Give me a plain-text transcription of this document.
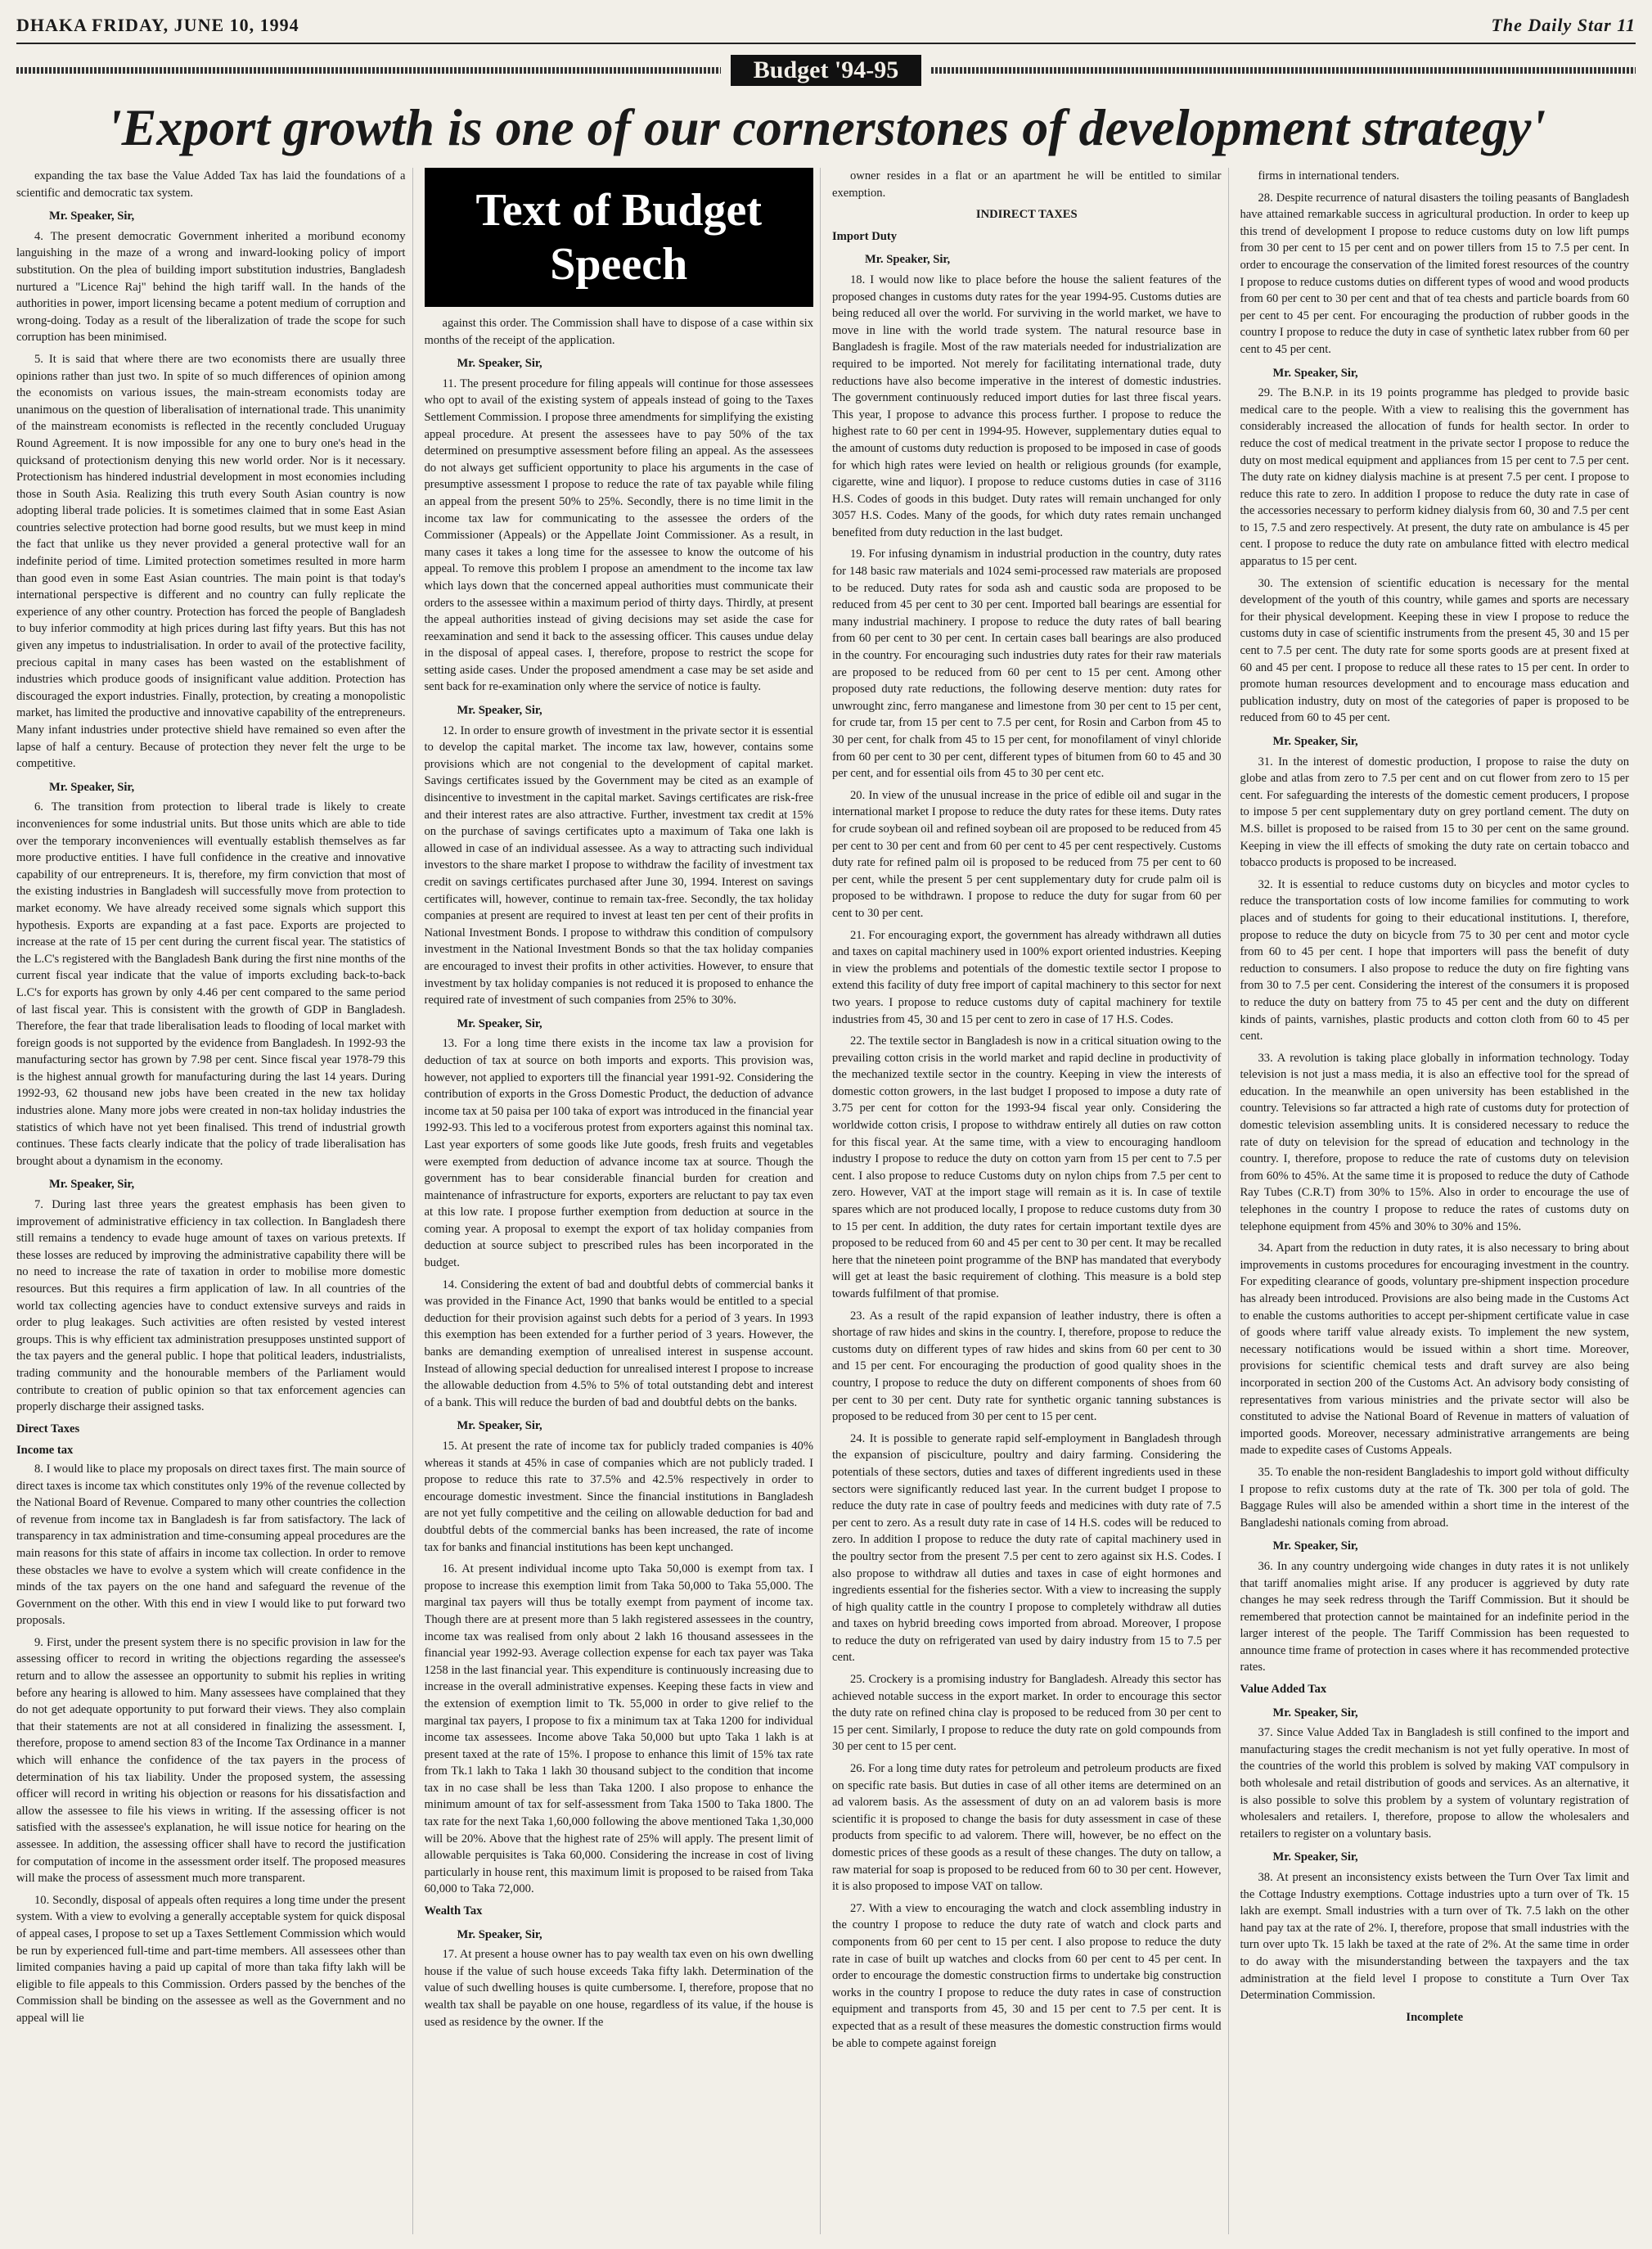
DHAKA FRIDAY, JUNE 10, 1994	The Daily Star 11
Budget '94-95
'Export growth is one of our cornerstones of development strategy'

expanding the tax base the Value Added Tax has laid the foundations of a scientific and democratic tax system.

Mr. Speaker, Sir,

4. The present democratic Government inherited a moribund economy languishing in the maze of a wrong and inward-looking policy of import substitution. On the plea of building import substitution industries, Bangladesh nurtured a "Licence Raj" behind the high tariff wall. In the hands of the authorities in power, import licensing became a potent medium of corruption and wrong-doing. Today as a result of the liberalization of trade the scope for such corruption has been minimised.

5. It is said that where there are two economists there are usually three opinions rather than just two. In spite of so much differences of opinion among the economists on various issues, the main-stream economists today are unanimous on the question of liberalisation of international trade. This unanimity of the mainstream economists is reflected in the recently concluded Uruguay Round Agreement. It is now impossible for any one to bury one's head in the quicksand of protectionism denying this new world order. Nor is it necessary. Protectionism has hindered industrial development in most economies including those in South Asia. Realizing this truth every South Asian country is now adopting liberal trade policies. It is sometimes claimed that in some East Asian countries selective protection had borne good results, but we must keep in mind the fact that unlike us they never provided a general protective wall for an indefinite period of time. Limited protection sometimes resulted in more harm than good even in some East Asian countries. The main point is that today's international perspective is different and no country can fully replicate the experience of any other country. Protection has forced the people of Bangladesh to buy inferior commodity at high prices during last fifty years. But this has not given any impetus to industrialisation. In order to avail of the protective facility, precious capital in many cases has been wasted on the establishment of industries which produce goods of insignificant value addition. Protection has discouraged the export industries. Finally, protection, by creating a monopolistic market, has limited the productive and innovative capability of the entrepreneurs. Many infant industries under protective shield have remained so even after the lapse of half a century. Because of protection they never felt the urge to be competitive.

Mr. Speaker, Sir,

6. The transition from protection to liberal trade is likely to create inconveniences for some industrial units. But those units which are able to tide over the temporary inconveniences will eventually establish themselves as far more productive entities. I have full confidence in the creative and innovative capability of our entrepreneurs. It is, therefore, my firm conviction that most of the existing industries in Bangladesh will successfully move from protection to market economy. We have already received some signals which support this hypothesis. Exports are expanding at a fast pace. Exports are projected to increase at the rate of 15 per cent during the current fiscal year. The statistics of the L.C's registered with the Bangladesh Bank during the first nine months of the current fiscal year indicate that the value of imports excluding back-to-back L.C's for exports has grown by only 4.46 per cent compared to the same period of last fiscal year. This is consistent with the growth of GDP in Bangladesh. Therefore, the fear that trade liberalisation leads to flooding of local market with foreign goods is not supported by the evidence from Bangladesh. In 1992-93 the manufacturing sector has grown by 7.98 per cent. Since fiscal year 1978-79 this is the highest annual growth for manufacturing during the last 14 years. During 1992-93, 62 thousand new jobs have been created in the new tax holiday industries alone. Many more jobs were created in non-tax holiday industries the statistics of which have not yet been finalised. This trend of industrial growth continues. These facts clearly indicate that the policy of trade liberalisation has brought about a dynamism in the economy.

Mr. Speaker, Sir,

7. During last three years the greatest emphasis has been given to improvement of administrative efficiency in tax collection. In Bangladesh there still remains a tendency to evade huge amount of taxes on various pretexts. If these losses are reduced by improving the administrative capability there will be no need to increase the rate of taxation in order to mobilise more domestic resources. But this requires a firm application of law. In all countries of the world tax collecting agencies have to conduct extensive surveys and raids in order to plug leakages. Such activities are often resisted by vested interest groups. This is why efficient tax administration presupposes unstinted support of the tax payers and the general public. I hope that political leaders, industrialists, trading community and the honourable members of the Parliament would contribute to creation of public opinion so that tax enforcement agencies can properly discharge their assigned tasks.

Direct Taxes
Income tax

8. I would like to place my proposals on direct taxes first. The main source of direct taxes is income tax which constitutes only 19% of the revenue collected by the National Board of Revenue. Compared to many other countries the collection of revenue from income tax in Bangladesh is far from satisfactory. The lack of transparency in tax administration and time-consuming appeal procedures are the main reasons for this state of affairs in income tax collection. In order to remove these obstacles we have to evolve a system which will create confidence in the minds of the tax payers on the one hand and safeguard the revenue of the Government on the other. With this end in view I would like to put forward two proposals.

9. First, under the present system there is no specific provision in law for the assessing officer to record in writing the objections regarding the assessee's return and to allow the assessee an opportunity to submit his replies in writing before any hearing is allowed to him. Many assessees have complained that they do not get adequate opportunity to put forward their views. They also complain that their statements are not at all considered in finalizing the assessment. I, therefore, propose to amend section 83 of the Income Tax Ordinance in a manner which will enhance the confidence of the tax payers in the process of determination of his tax liability. Under the proposed system, the assessing officer will record in writing his objection or reasons for his dissatisfaction and allow the assessee to file his views in writing. If the assessing officer is not satisfied with the assessee's explanation, he will issue notice for hearing on the assessee. In addition, the assessing officer shall have to record the justification for computation of income in the assessment order itself. The proposed measures will make the process of assessment much more transparent.

10. Secondly, disposal of appeals often requires a long time under the present system. With a view to evolving a generally acceptable system for quick disposal of appeal cases, I propose to set up a Taxes Settlement Commission which would be run by experienced full-time and part-time members. All assessees other than limited companies having a paid up capital of more than taka fifty lakh will be eligible to file appeals to this Commission. Orders passed by the benches of the Commission shall be binding on the assessee as well as the Government and no appeal will lie

Text of Budget Speech

against this order. The Commission shall have to dispose of a case within six months of the receipt of the application.

Mr. Speaker, Sir,

11. The present procedure for filing appeals will continue for those assessees who opt to avail of the existing system of appeals instead of going to the Taxes Settlement Commission. I propose three amendments for simplifying the existing appeal procedure. At present the assessees have to pay 50% of the tax determined on presumptive assessment before filing an appeal. As the assessees do not always get sufficient opportunity to place his arguments in the case of presumptive assessment I propose to reduce the rate of tax payable while filing an appeal from the present 50% to 25%. Secondly, there is no time limit in the income tax law for communicating to the assessee the orders of the Commissioner (Appeals) or the Appellate Joint Commissioner. As a result, in many cases it takes a long time for the assessee to know the outcome of his appeal. To remove this problem I propose an amendment to the income tax law which lays down that the concerned appeal authorities must communicate their orders to the assessee within a maximum period of thirty days. Thirdly, at present the appeal authorities instead of giving decisions may set aside the case for reexamination and send it back to the assessing officer. This causes undue delay in the disposal of appeal cases. I, therefore, propose to restrict the scope for setting aside cases. Under the proposed amendment a case may be set aside and sent back for re-examination only where the service of notice is faulty.

Mr. Speaker, Sir,

12. In order to ensure growth of investment in the private sector it is essential to develop the capital market. The income tax law, however, contains some provisions which are not congenial to the development of capital market. Savings certificates issued by the Government may be cited as an example of disincentive to investment in the capital market. Savings certificates are risk-free and their interest rates are also attractive. Further, investment tax credit at 15% on the purchase of savings certificates upto a maximum of Taka one lakh is allowed in case of an individual assessee. As a way to attracting such individual investors to the share market I propose to withdraw the facility of investment tax credit on savings certificates purchased after June 30, 1994. Interest on savings certificates will, however, continue to remain tax-free. Secondly, the tax holiday companies at present are required to invest at least ten per cent of their profits in National Investment Bonds. I propose to withdraw this condition of compulsory investment in the National Investment Bonds so that the tax holiday companies are encouraged to invest their profits in other activities. However, to ensure that investment by tax holiday companies is not reduced it is proposed to enhance the required rate of investment of such companies from 25% to 30%.

Mr. Speaker, Sir,

13. For a long time there exists in the income tax law a provision for deduction of tax at source on both imports and exports. This provision was, however, not applied to exporters till the financial year 1991-92. Considering the contribution of exports in the Gross Domestic Product, the deduction of advance income tax at 50 paisa per 100 taka of export was introduced in the financial year 1992-93. This led to a vociferous protest from exporters against this nominal tax. Last year exporters of some goods like Jute goods, fresh fruits and vegetables were exempted from deduction of advance income tax at source. Though the government has to bear considerable financial burden for creation and maintenance of infrastructure for exports, exporters are reluctant to pay tax even at this low rate. I propose further exemption from deduction at source in the coming year. A proposal to exempt the export of tax holiday companies from deduction at source subject to prescribed rules has been incorporated in the budget.

14. Considering the extent of bad and doubtful debts of commercial banks it was provided in the Finance Act, 1990 that banks would be entitled to a special deduction for their provision against such debts for a period of 3 years. In 1993 this exemption has been extended for a further period of 3 years. However, the banks are demanding exemption of unrealised interest in suspense account. Instead of allowing special deduction for unrealised interest I propose to increase the allowable deduction from 4.5% to 5% of total outstanding debt and interest of a bank. This will reduce the burden of bad and doubtful debts on the banks.

Mr. Speaker, Sir,

15. At present the rate of income tax for publicly traded companies is 40% whereas it stands at 45% in case of companies which are not publicly traded. I propose to reduce this rate to 37.5% and 42.5% respectively in order to encourage domestic investment. Since the financial institutions in Bangladesh are not yet fully competitive and the ceiling on allowable deduction for bad and doubtful debts of the commercial banks has been increased, the rate of income tax for banks and financial institutions has been kept unchanged.

16. At present individual income upto Taka 50,000 is exempt from tax. I propose to increase this exemption limit from Taka 50,000 to Taka 55,000. The marginal tax payers will thus be totally exempt from payment of income tax. Though there are at present more than 5 lakh registered assessees in the country, income tax was realised from only about 2 lakh 16 thousand assessees in the financial year 1992-93. Average collection expense for each tax payer was Taka 1258 in the last financial year. This expenditure is continuously increasing due to increase in the overall administrative expenses. Keeping these facts in view and the extension of exemption limit to Tk. 55,000 in order to give relief to the marginal tax payers, I propose to fix a minimum tax at Taka 1200 for individual income tax assessees. Income above Taka 50,000 but upto Taka 1 lakh is at present taxed at the rate of 15%. I propose to enhance this limit of 15% tax rate from Tk.1 lakh to Taka 1 lakh 30 thousand subject to the condition that income tax in no case shall be less than Taka 1200. I also propose to enhance the minimum amount of tax for self-assessment from Taka 1500 to Taka 1800. The tax rate for the next Taka 1,60,000 following the above mentioned Taka 1,30,000 will be 20%. Above that the highest rate of 25% will apply. The present limit of allowable perquisites is Taka 60,000. Considering the increase in cost of living particularly in house rent, this maximum limit is proposed to be raised from Taka 60,000 to Taka 72,000.

Wealth Tax
Mr. Speaker, Sir,

17. At present a house owner has to pay wealth tax even on his own dwelling house if the value of such house exceeds Taka fifty lakh. Determination of the value of such dwelling houses is quite cumbersome. I, therefore, propose that no wealth tax shall be payable on one house, regardless of its value, if the house is used as residence by the owner. If the

owner resides in a flat or an apartment he will be entitled to similar exemption.

INDIRECT TAXES
Import Duty
Mr. Speaker, Sir,

18. I would now like to place before the house the salient features of the proposed changes in customs duty rates for the year 1994-95. Customs duties are being reduced all over the world. For surviving in the world market, we have to move in line with the world trade system. The natural resource base in Bangladesh is fragile. Most of the raw materials needed for industrialization are required to be imported. Not merely for facilitating international trade, duty reductions have also become imperative in the interest of domestic industries. The government continuously reduced import duties for last three fiscal years. This year, I propose to advance this process further. I propose to reduce the highest rate to 60 per cent in 1994-95. However, supplementary duties equal to the amount of customs duty reduction is proposed to be imposed in case of goods for which high rates were levied on health or religious grounds (for example, cigarette, wine and liquor). I propose to reduce customs duties in case of 3116 H.S. Codes of goods in this budget. Duty rates will remain unchanged for only 3057 H.S. Codes. Many of the goods, for which duty rates remain unchanged benefited from duty reduction in the last budget.

19. For infusing dynamism in industrial production in the country, duty rates for 148 basic raw materials and 1024 semi-processed raw materials are proposed to be reduced. Duty rates for soda ash and caustic soda are proposed to be reduced from 45 per cent to 30 per cent. Imported ball bearings are essential for many industrial machinery. I propose to reduce the duty rates of ball bearing from 60 per cent to 30 per cent. In certain cases ball bearings are also produced in the country. For encouraging such industries duty rates for their raw materials are proposed to be reduced from 60 per cent to 15 per cent. Among other proposed duty rate reductions, the following deserve mention: duty rates for unwrought zinc, ferro manganese and limestone from 30 per cent to 15 per cent, for crude tar, from 15 per cent to 7.5 per cent, for Rosin and Carbon from 45 to 30 per cent, for chalk from 45 to 15 per cent, for monofilament of vinyl chloride from 60 per cent to 30 per cent, different types of bitumen from 60 to 45 and 30 per cent, and for essential oils from 45 to 30 per cent etc.

20. In view of the unusual increase in the price of edible oil and sugar in the international market I propose to reduce the duty rates for these items. Duty rates for crude soybean oil and refined soybean oil are proposed to be reduced from 45 per cent to 30 per cent and from 60 per cent to 45 per cent respectively. Customs duty rate for refined palm oil is proposed to be reduced from 75 per cent to 60 per cent, while the present 5 per cent supplementary duty for crude palm oil is proposed to be withdrawn. I propose to reduce the duty for sugar from 60 per cent to 30 per cent.

21. For encouraging export, the government has already withdrawn all duties and taxes on capital machinery used in 100% export oriented industries. Keeping in view the problems and potentials of the domestic textile sector I propose to extend this facility of duty free import of capital machinery to this sector for next two years. I propose to reduce customs duty of capital machinery for textile industries from 45, 30 and 15 per cent to zero in case of 17 H.S. Codes.

22. The textile sector in Bangladesh is now in a critical situation owing to the prevailing cotton crisis in the world market and rapid decline in productivity of the mechanized textile sector in the country. Keeping in view the interests of domestic cotton growers, in the last budget I proposed to impose a duty rate of 3.75 per cent for cotton for the 1993-94 fiscal year only. Considering the worldwide cotton crisis, I propose to withdraw entirely all duties on raw cotton for this fiscal year. At the same time, with a view to encouraging handloom industry I propose to reduce the duty on cotton yarn from 15 per cent to 7.5 per cent. I also propose to reduce Customs duty on nylon chips from 7.5 per cent to zero. However, VAT at the import stage will remain as it is. In case of textile spares which are not produced locally, I propose to reduce customs duty from 30 to 15 per cent. In addition, the duty rates for certain important textile dyes are proposed to be reduced from 60 and 45 per cent to 30 per cent. It may be recalled here that the nineteen point programme of the BNP has mandated that everybody will get at least the basic requirement of clothing. This measure is a bold step towards fulfilment of that promise.

23. As a result of the rapid expansion of leather industry, there is often a shortage of raw hides and skins in the country. I, therefore, propose to reduce the customs duty on different types of raw hides and skins from 60 per cent to 30 and 15 per cent. For encouraging the production of good quality shoes in the country, I propose to reduce the duty on different components of shoes from 60 per cent to 30 per cent. Duty rate for synthetic organic tanning substances is proposed to be reduced from 30 per cent to 15 per cent.

24. It is possible to generate rapid self-employment in Bangladesh through the expansion of pisciculture, poultry and dairy farming. Considering the potentials of these sectors, duties and taxes of different ingredients used in these sectors were significantly reduced last year. In the current budget I propose to reduce the duty rate in case of poultry feeds and medicines with duty rate of 7.5 per cent to zero. As a result duty rate in case of 14 H.S. codes will be reduced to zero. In addition I propose to reduce the duty rate of capital machinery used in the poultry sector from the present 7.5 per cent to zero against six H.S. Codes. I also propose to withdraw all duties and taxes in case of eight hormones and ingredients essential for the fisheries sector. With a view to increasing the supply of high quality cattle in the country I propose to completely withdraw all duties and taxes on hybrid breeding cows imported from abroad. Moreover, I propose to reduce the duty on refrigerated van used by dairy industry from 15 to 7.5 per cent.

25. Crockery is a promising industry for Bangladesh. Already this sector has achieved notable success in the export market. In order to encourage this sector the duty rate on refined china clay is proposed to be reduced from 30 per cent to 15 per cent. Similarly, I propose to reduce the duty rate on gold compounds from 30 per cent to 15 per cent.

26. For a long time duty rates for petroleum and petroleum products are fixed on specific rate basis. But duties in case of all other items are determined on an ad valorem basis. As the assessment of duty on an ad valorem basis is more scientific it is proposed to change the basis for duty assessment in case of these products from specific to ad valorem. There will, however, be no effect on the domestic prices of these goods as a result of these changes. The duty on tallow, a raw material for soap is proposed to be reduced from 60 to 30 per cent. However, it is also proposed to impose VAT on tallow.

27. With a view to encouraging the watch and clock assembling industry in the country I propose to reduce the duty rate of watch and clock parts and components from 60 per cent to 15 per cent. I also propose to reduce the duty rate in case of built up watches and clocks from 60 per cent to 45 per cent. In order to encourage the domestic construction firms to undertake big construction works in the country I propose to reduce the duty rates in case of construction equipment and transports from 45, 30 and 15 per cent to 7.5 per cent. It is expected that as a result of these measures the domestic construction firms would be able to compete against foreign

firms in international tenders.

28. Despite recurrence of natural disasters the toiling peasants of Bangladesh have attained remarkable success in agricultural production. In order to keep up this trend of development I propose to reduce customs duty on low lift pumps from 30 per cent to 15 per cent and on power tillers from 15 to 7.5 per cent. In order to encourage the conservation of the limited forest resources of the country I propose to reduce customs duties on different types of wood and wood products from 60 per cent to 30 per cent and that of tea chests and particle boards from 60 per cent to 45 per cent. For encouraging the production of rubber goods in the country I propose to reduce the duty in case of synthetic latex rubber from 60 per cent to 45 per cent.

Mr. Speaker, Sir,

29. The B.N.P. in its 19 points programme has pledged to provide basic medical care to the people. With a view to realising this the government has considerably increased the allocation of funds for health sector. In order to reduce the cost of medical treatment in the private sector I propose to reduce the duty on most medical equipment and appliances from 15 per cent to 7.5 per cent. The duty rate on kidney dialysis machine is at present 7.5 per cent. I propose to reduce this rate to zero. In addition I propose to reduce the duty rate in case of the accessories necessary to perform kidney dialysis from 60, 30 and 7.5 per cent to 15, 7.5 and zero respectively. At present, the duty rate on ambulance is 45 per cent. I propose to reduce the duty rate on ambulance fitted with electro medical apparatus to 15 per cent.

30. The extension of scientific education is necessary for the mental development of the youth of this country, while games and sports are necessary for their physical development. Keeping these in view I propose to reduce the customs duty in case of scientific instruments from the present 45, 30 and 15 per cent to 7.5 per cent. The duty rate for some sports goods are at present fixed at 60 and 45 per cent. I propose to reduce all these rates to 15 per cent. In order to promote human resources development and to encourage mass education and publication industry, duty on most of the categories of paper is proposed to be reduced from 60 to 45 per cent.

Mr. Speaker, Sir,

31. In the interest of domestic production, I propose to raise the duty on globe and atlas from zero to 7.5 per cent and on cut flower from zero to 15 per cent. For safeguarding the interests of the domestic cement producers, I propose to impose 5 per cent supplementary duty on grey portland cement. The duty on M.S. billet is proposed to be raised from 15 to 30 per cent on the same ground. Keeping in view the ill effects of smoking the duty rate on certain tobacco and tobacco products is proposed to be increased.

32. It is essential to reduce customs duty on bicycles and motor cycles to reduce the transportation costs of low income families for commuting to work places and of students for going to their educational institutions. I, therefore, propose to reduce the duty on bicycle from 75 to 30 per cent and motor cycle from 60 to 45 per cent. I hope that importers will pass the benefit of duty reduction to consumers. I also propose to reduce the duty on fire fighting vans from 30 to 7.5 per cent. Considering the interest of the consumers it is proposed to reduce the duty on battery from 75 to 45 per cent and the duty on different kinds of paints, varnishes, plastic products and cotton cloth from 60 to 45 per cent.

33. A revolution is taking place globally in information technology. Today television is not just a mass media, it is also an effective tool for the spread of education. In the meanwhile an open university has been established in the country. Televisions so far attracted a high rate of customs duty for protection of domestic television assembling units. It is considered necessary to reduce the rate of duty on television for the spread of education and technology in the country. I, therefore, propose to reduce the rate of customs duty on television from 60% to 45%. At the same time it is proposed to reduce the duty of Cathode Ray Tubes (C.R.T) from 30% to 15%. Also in order to encourage the use of telephones in the country I propose to reduce the rates of customs duty on telephone equipment from 45% and 30% to 30% and 15%.

34. Apart from the reduction in duty rates, it is also necessary to bring about improvements in customs procedures for encouraging investment in the country. For expediting clearance of goods, voluntary pre-shipment inspection procedure has already been introduced. Provisions are also being made in the Customs Act to enable the customs authorities to accept per-shipment certificate value in case of goods where tariff value already exists. To implement the new system, necessary notifications would be issued within a short time. Moreover, provisions for scientific chemical tests and draft survey are also being incorporated in section 200 of the Customs Act. An advisory body consisting of representatives from various ministries and the private sector will also be constituted to advise the National Board of Revenue in matters of valuation of imported goods. Moreover, necessary administrative arrangements are being made to expedite cases of Customs Appeals.

35. To enable the non-resident Bangladeshis to import gold without difficulty I propose to refix customs duty at the rate of Tk. 300 per tola of gold. The Baggage Rules will also be amended within a short time in the interest of the Bangladeshi nationals coming from abroad.

Mr. Speaker, Sir,

36. In any country undergoing wide changes in duty rates it is not unlikely that tariff anomalies might arise. If any producer is aggrieved by duty rate changes he may seek redress through the Tariff Commission. But it should be remembered that protection cannot be maintained for an indefinite period in the larger interest of the people. The Tariff Commission has been requested to announce time frame of protection in cases where it has recommended protective rates.

Value Added Tax
Mr. Speaker, Sir,

37. Since Value Added Tax in Bangladesh is still confined to the import and manufacturing stages the credit mechanism is not yet fully operative. In most of the countries of the world this problem is solved by making VAT compulsory in both wholesale and retail distribution of goods and services. As an alternative, it is also possible to solve this problem by a system of voluntary registration of wholesalers and retailers. I, therefore, propose to allow the wholesalers and retailers to register on a voluntary basis.

Mr. Speaker, Sir,

38. At present an inconsistency exists between the Turn Over Tax limit and the Cottage Industry exemptions. Cottage industries upto a turn over of Tk. 15 lakh are exempt. Small industries with a turn over of Tk. 7.5 lakh on the other hand pay tax at the rate of 2%. I, therefore, propose that small industries with the turn over upto Tk. 15 lakh be taxed at the rate of 2%. At the same time in order to do away with the misunderstanding between the taxpayers and the tax administration at the field level I propose to constitute a Turn Over Tax Determination Commission.

Incomplete
